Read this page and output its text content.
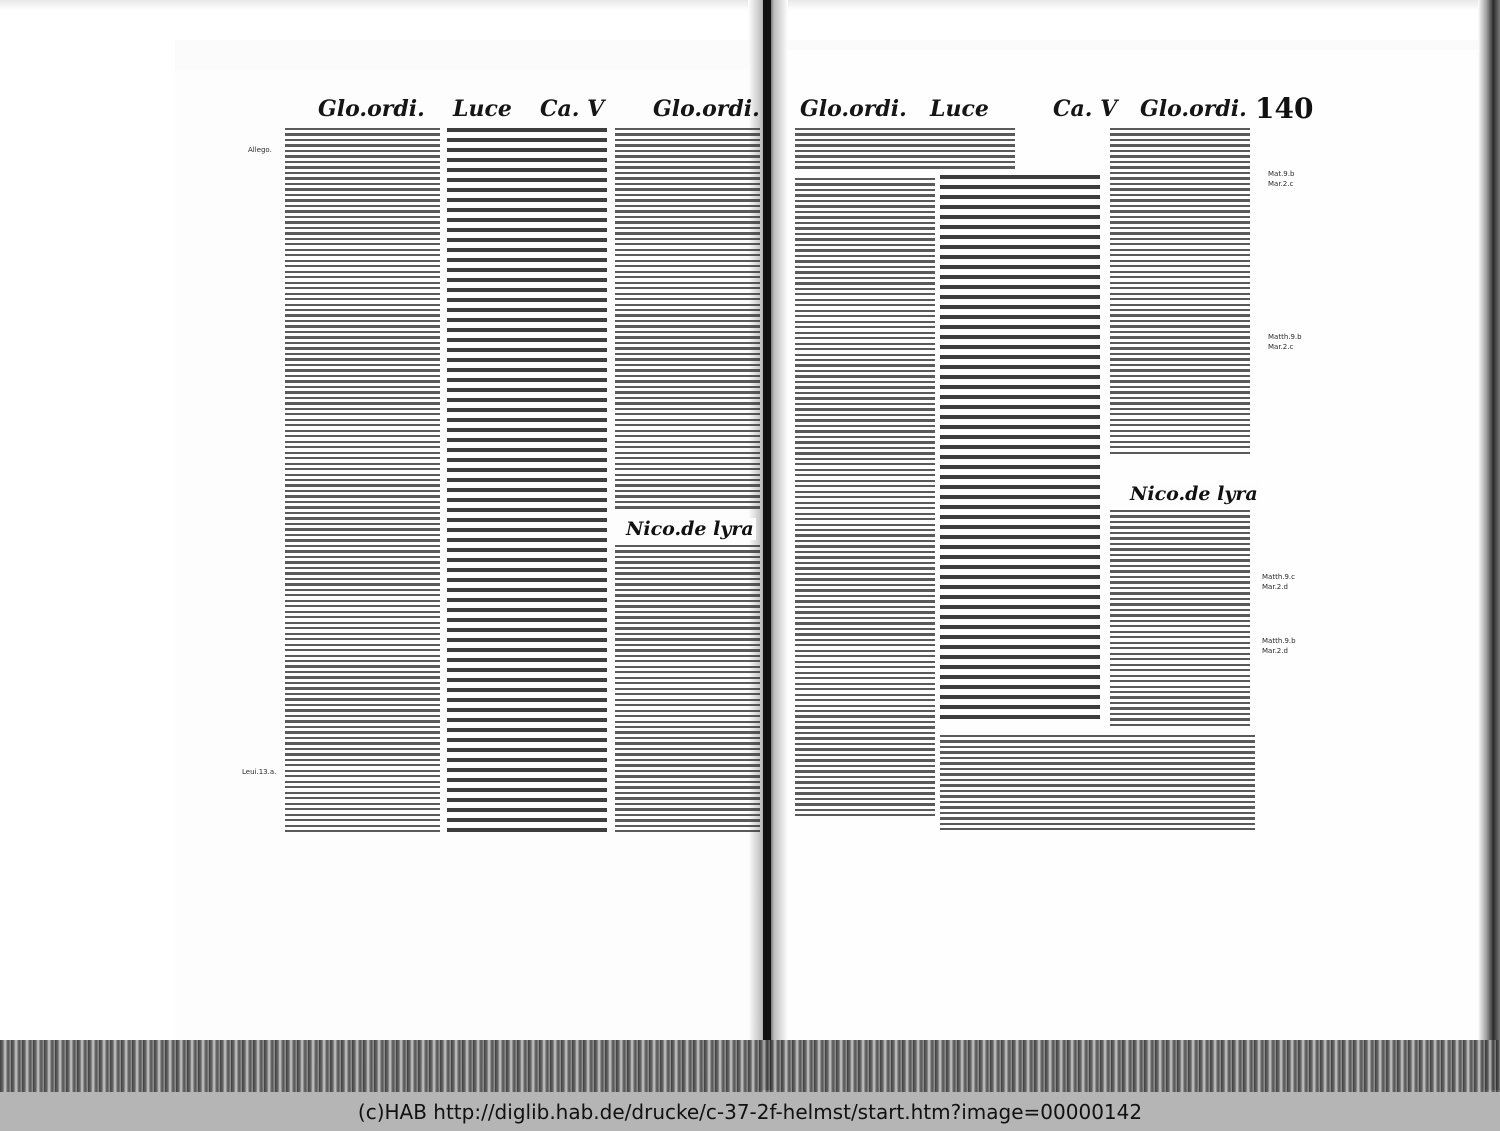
Glo.ordi. Luce Ca. V Glo.ordi. Glo.ordi. Luce	Ca. V Glo.ordi. 140
Nico.de lyra
Allego.
Leui.13.a.
Nico.de lyra
Mat.9.b
Mar.2.c
Matth.9.b
Mar.2.c
Matth.9.c
Mar.2.d
Matth.9.b
Mar.2.d
(c)HAB http://diglib.hab.de/drucke/c-37-2f-helmst/start.htm?image=00000142
